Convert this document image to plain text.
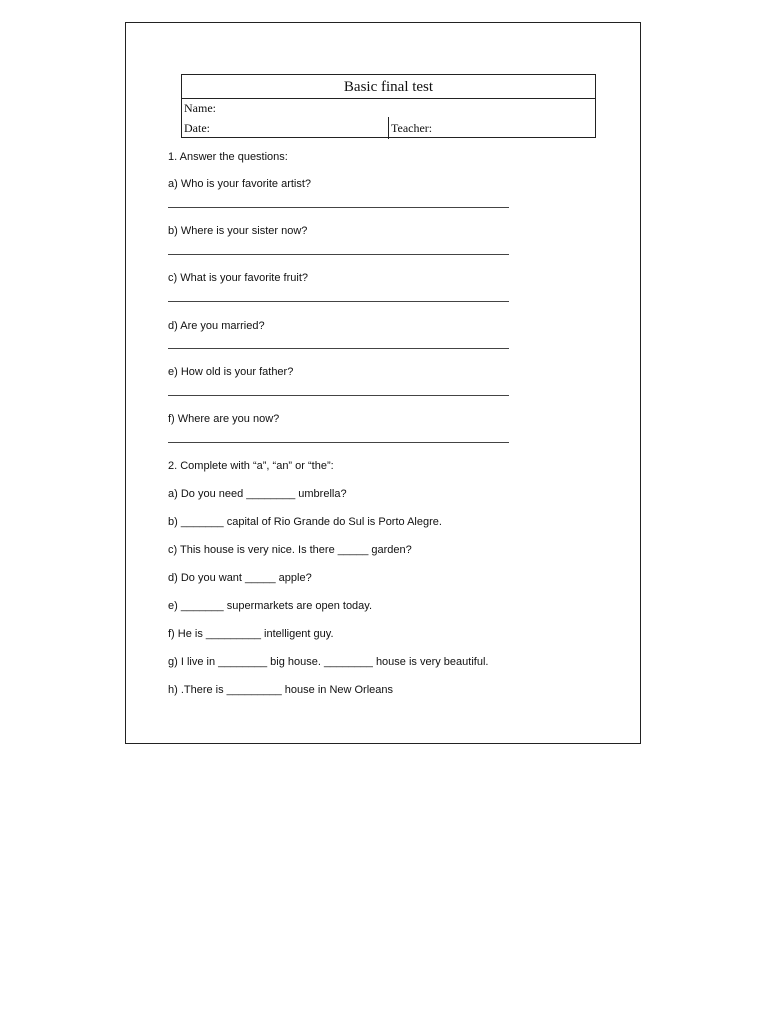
Basic final test
Name:
Date:	Teacher:
1. Answer the questions:
a) Who is your favorite artist?
b) Where is your sister now?
c) What is your favorite fruit?
d) Are you married?
e) How old is your father?
f) Where are you now?
2. Complete with “a”, “an” or “the”:
a) Do you need ________ umbrella?
b) _______ capital of Rio Grande do Sul is Porto Alegre.
c) This house is very nice. Is there _____ garden?
d) Do you want _____ apple?
e) _______ supermarkets are open today.
f) He is _________ intelligent guy.
g) I live in ________ big house. ________ house is very beautiful.
h) .There is _________ house in New Orleans
